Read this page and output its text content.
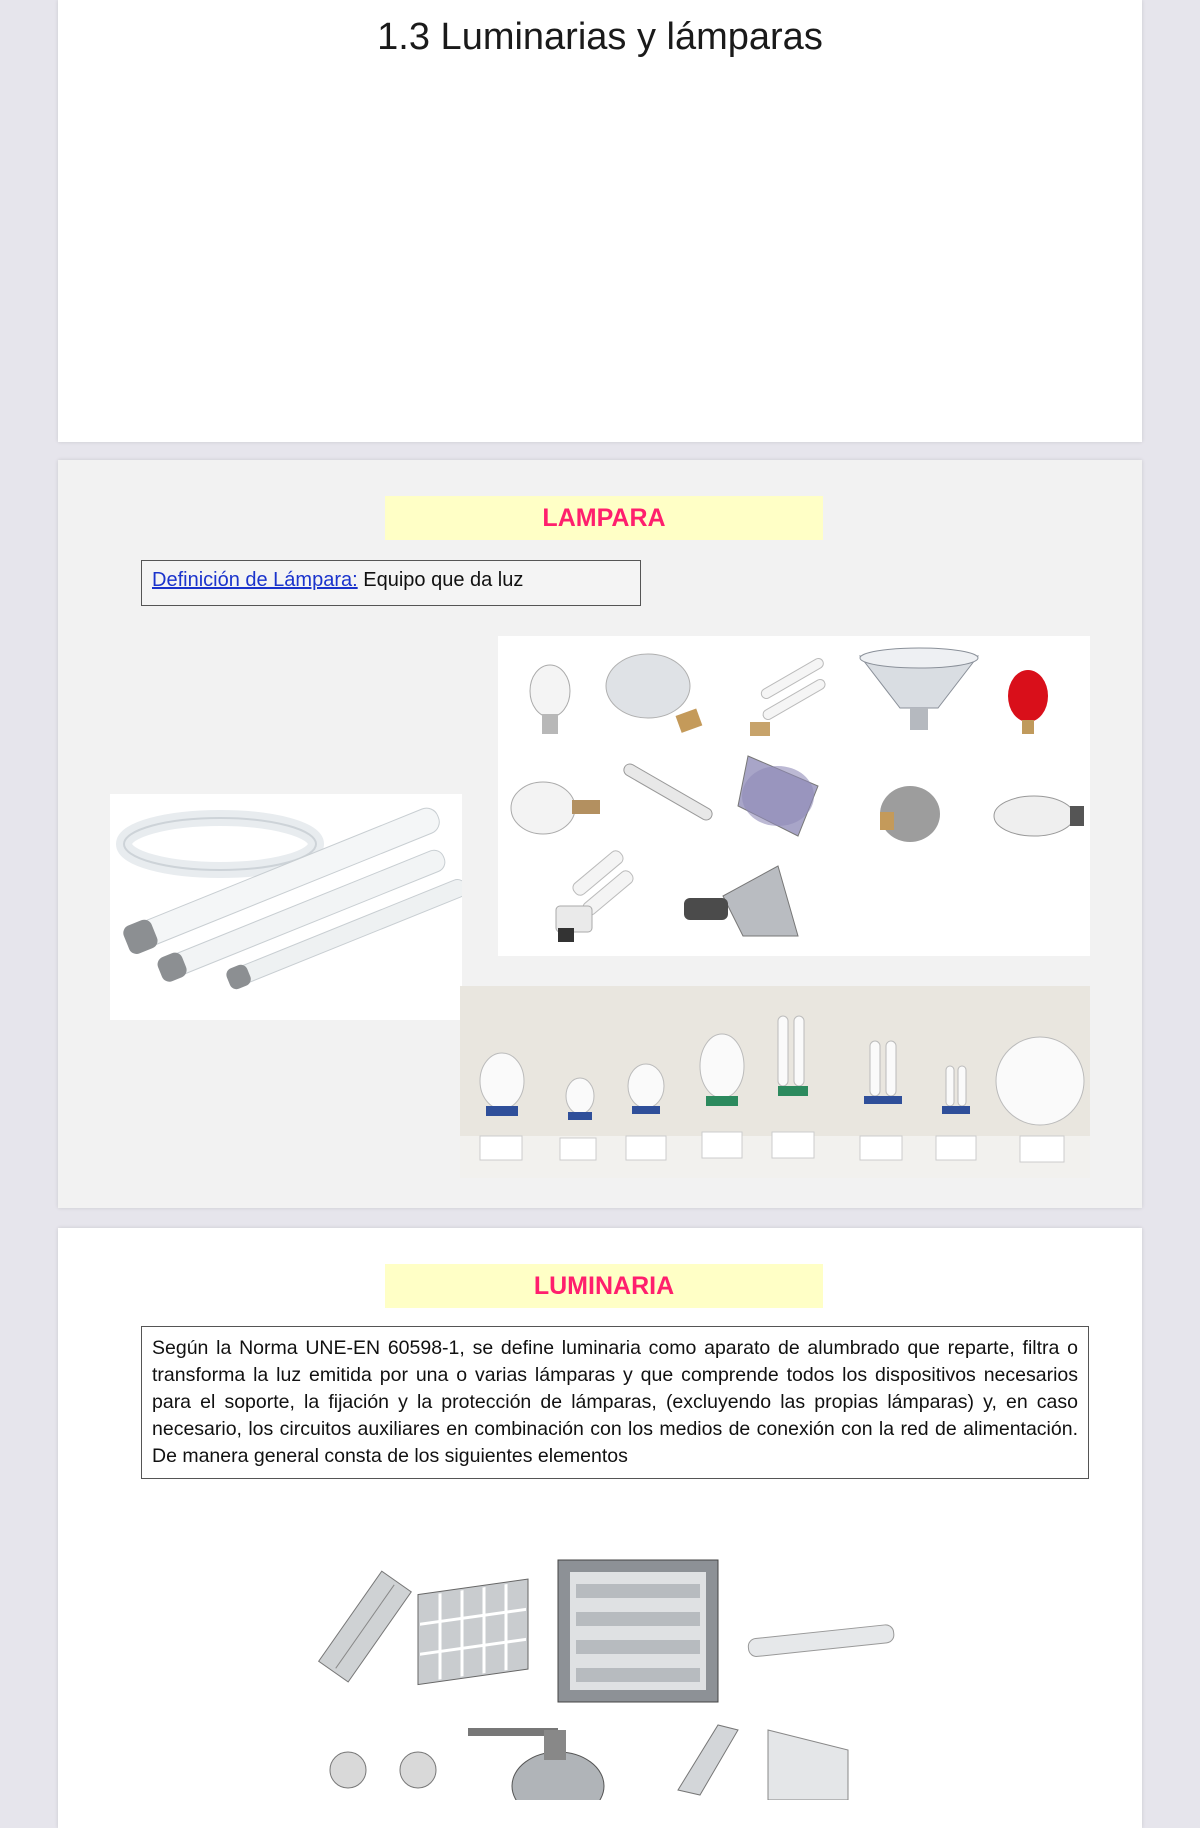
1.3 Luminarias y lámparas
LAMPARA
Definición de Lámpara: Equipo que da luz
LUMINARIA
Según la Norma UNE-EN 60598-1, se define luminaria como aparato de alumbrado que reparte, filtra o transforma la luz emitida por una o varias lámparas y que comprende todos los dispositivos necesarios para el soporte, la fijación y la protección de lámparas, (excluyendo las propias lámparas) y, en caso necesario, los circuitos auxiliares en combinación con los medios de conexión con la red de alimentación. De manera general consta de los siguientes elementos
